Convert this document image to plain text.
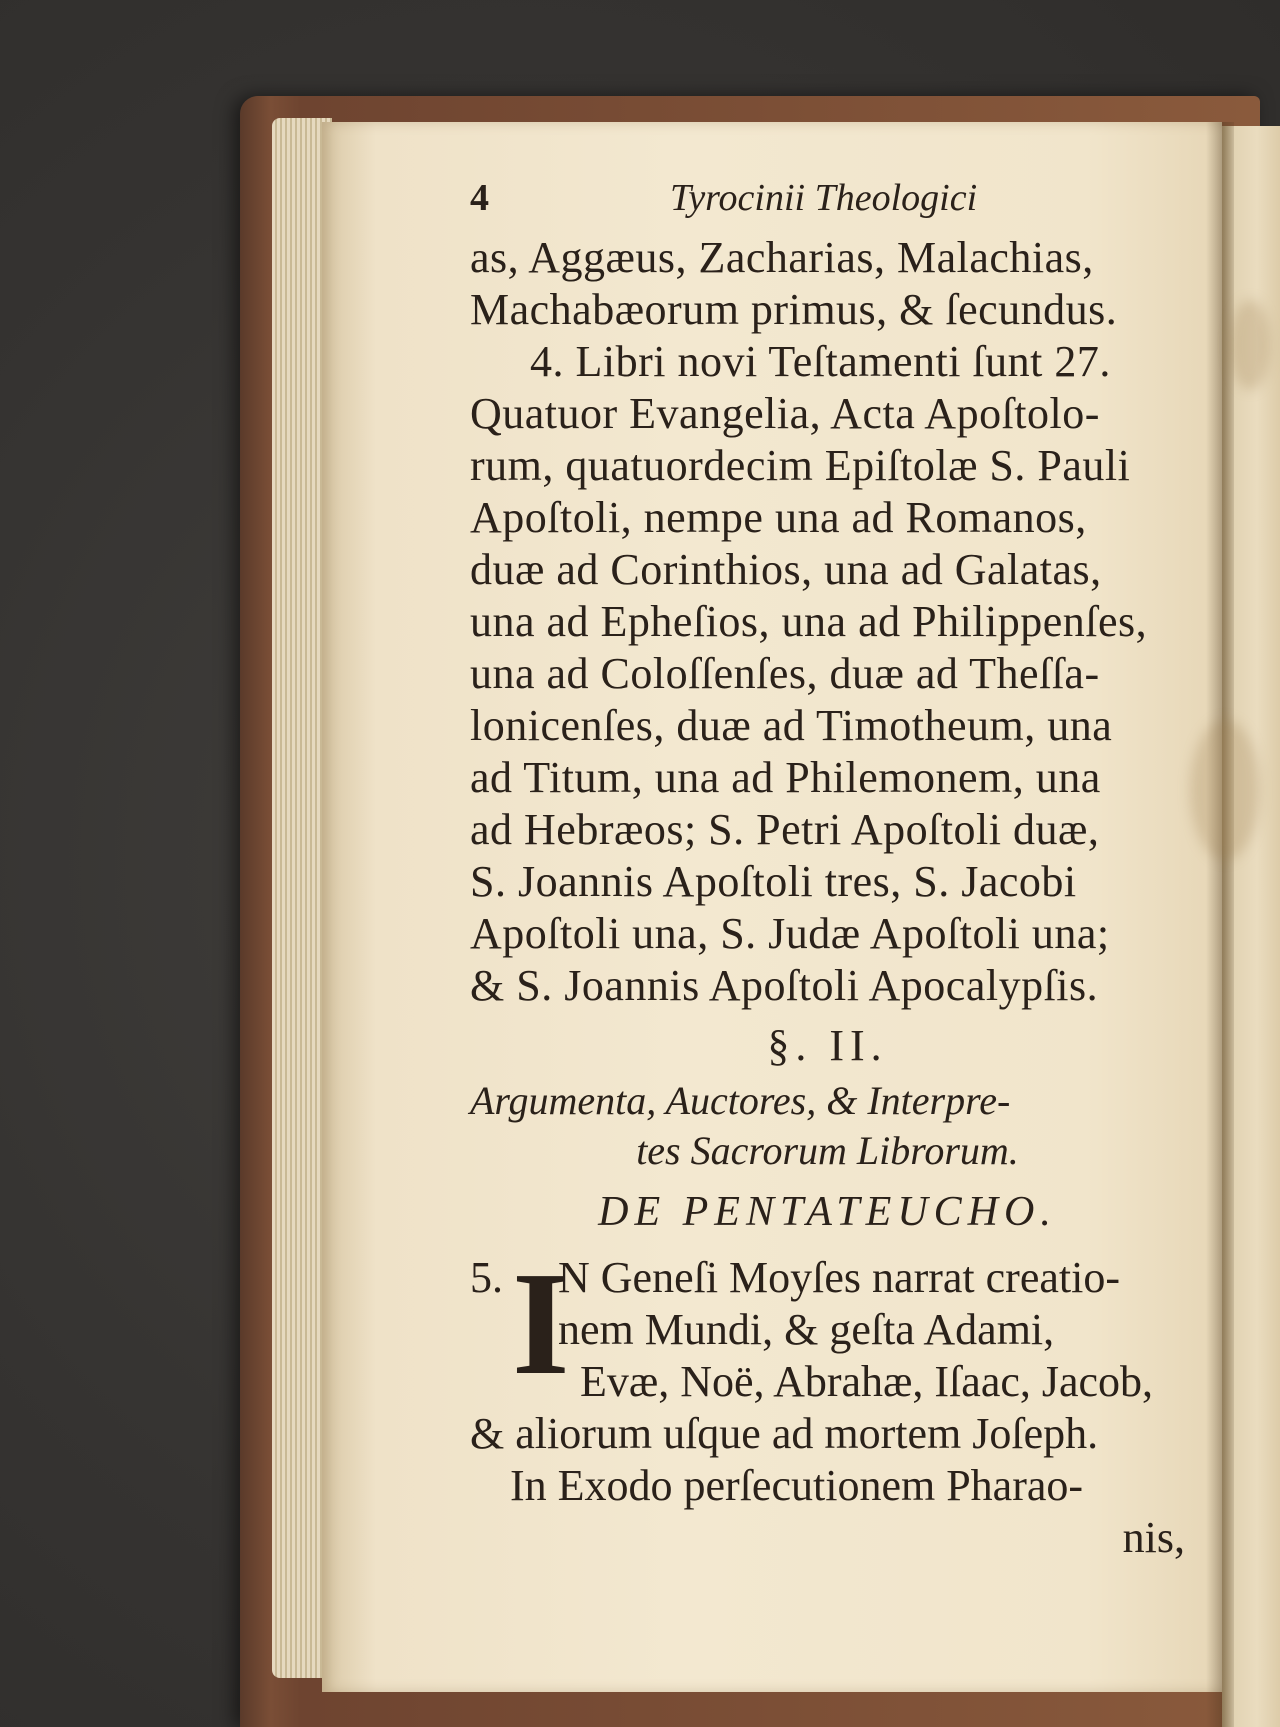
4	Tyrocinii Theologici
as, Aggæus, Zacharias, Malachias,
Machabæorum primus, & ſecundus.
4. Libri novi Teſtamenti ſunt 27.
Quatuor Evangelia, Acta Apoſtolo-
rum, quatuordecim Epiſtolæ S. Pauli
Apoſtoli, nempe una ad Romanos,
duæ ad Corinthios, una ad Galatas,
una ad Epheſios, una ad Philippenſes,
una ad Coloſſenſes, duæ ad Theſſa-
lonicenſes, duæ ad Timotheum, una
ad Titum, una ad Philemonem, una
ad Hebræos; S. Petri Apoſtoli duæ,
S. Joannis Apoſtoli tres, S. Jacobi
Apoſtoli una, S. Judæ Apoſtoli una;
& S. Joannis Apoſtoli Apocalypſis.
§. II.
Argumenta, Auctores, & Interpre-
tes Sacrorum Librorum.
DE PENTATEUCHO.
5. I
N Geneſi Moyſes narrat creatio-
nem Mundi, & geſta Adami,
Evæ, Noë, Abrahæ, Iſaac, Jacob,
& aliorum uſque ad mortem Joſeph.
In Exodo perſecutionem Pharao-
nis,
